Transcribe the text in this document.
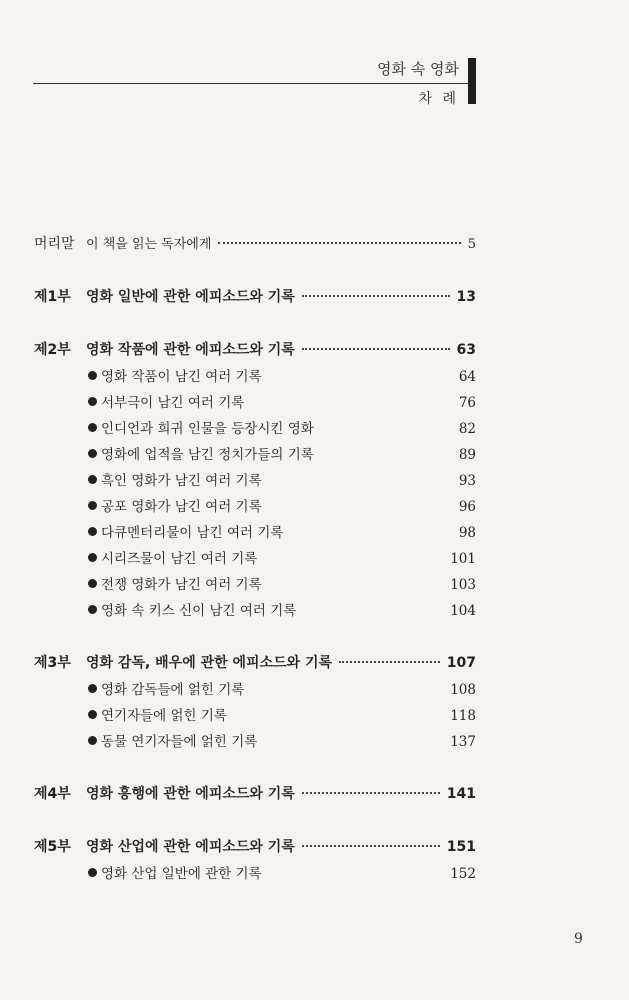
영화 속 영화
차 례
머리말 이 책을 읽는 독자에게	5
제1부	영화 일반에 관한 에피소드와 기록	13
제2부	영화 작품에 관한 에피소드와 기록	63
영화 작품이 남긴 여러 기록	64
서부극이 남긴 여러 기록	76
인디언과 희귀 인물을 등장시킨 영화	82
영화에 업적을 남긴 정치가들의 기록	89
흑인 영화가 남긴 여러 기록	93
공포 영화가 남긴 여러 기록	96
다큐멘터리물이 남긴 여러 기록	98
시리즈물이 남긴 여러 기록	101
전쟁 영화가 남긴 여러 기록	103
영화 속 키스 신이 남긴 여러 기록	104
제3부	영화 감독, 배우에 관한 에피소드와 기록	107
영화 감독들에 얽힌 기록	108
연기자들에 얽힌 기록	118
동물 연기자들에 얽힌 기록	137
제4부	영화 흥행에 관한 에피소드와 기록	141
제5부	영화 산업에 관한 에피소드와 기록	151
영화 산업 일반에 관한 기록	152
9
